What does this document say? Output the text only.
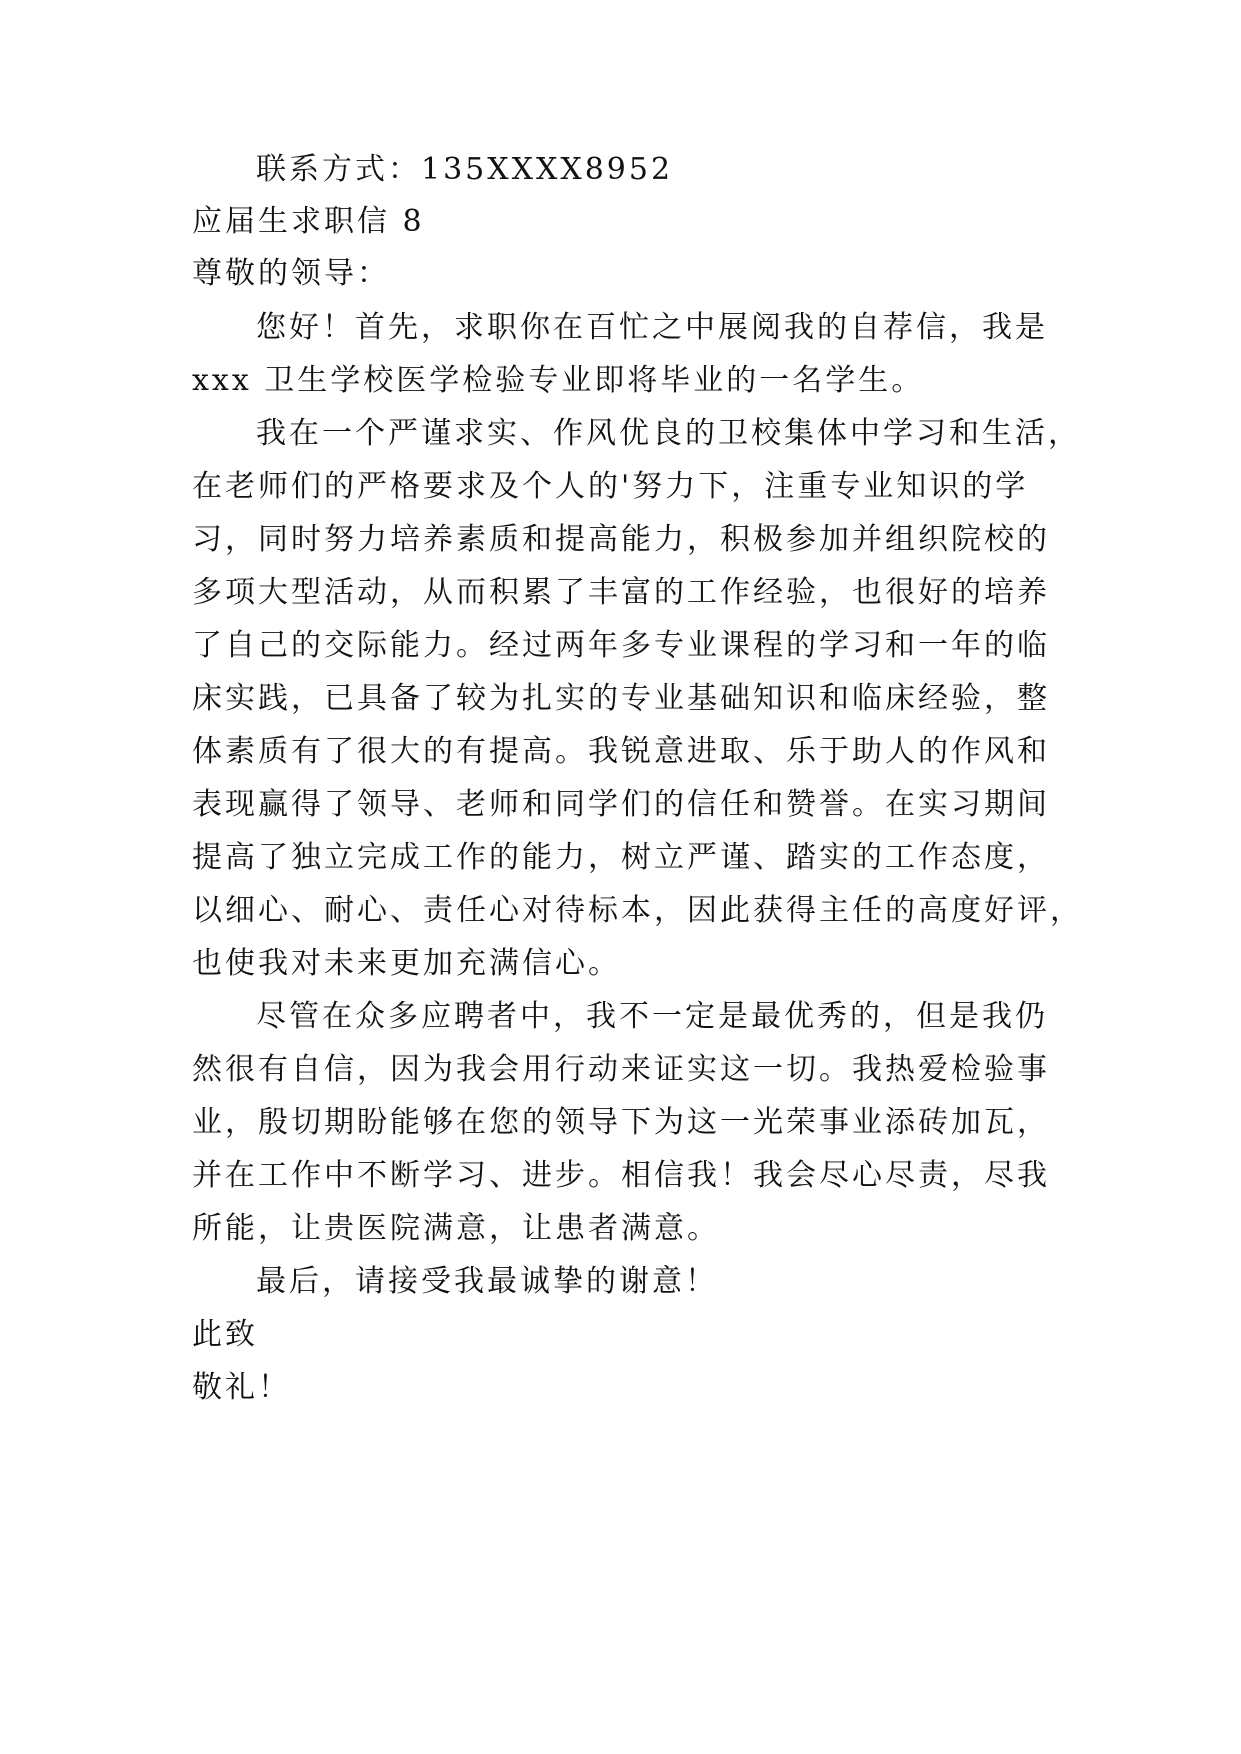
联系方式：135XXXX8952
应届生求职信 8
尊敬的领导：
您好！首先，求职你在百忙之中展阅我的自荐信，我是
xxx 卫生学校医学检验专业即将毕业的一名学生。
我在一个严谨求实、作风优良的卫校集体中学习和生活，
在老师们的严格要求及个人的'努力下，注重专业知识的学
习，同时努力培养素质和提高能力，积极参加并组织院校的
多项大型活动，从而积累了丰富的工作经验，也很好的培养
了自己的交际能力。经过两年多专业课程的学习和一年的临
床实践，已具备了较为扎实的专业基础知识和临床经验，整
体素质有了很大的有提高。我锐意进取、乐于助人的作风和
表现赢得了领导、老师和同学们的信任和赞誉。在实习期间
提高了独立完成工作的能力，树立严谨、踏实的工作态度，
以细心、耐心、责任心对待标本，因此获得主任的高度好评，
也使我对未来更加充满信心。
尽管在众多应聘者中，我不一定是最优秀的，但是我仍
然很有自信，因为我会用行动来证实这一切。我热爱检验事
业，殷切期盼能够在您的领导下为这一光荣事业添砖加瓦，
并在工作中不断学习、进步。相信我！我会尽心尽责，尽我
所能，让贵医院满意，让患者满意。
最后，请接受我最诚挚的谢意！
此致
敬礼！
